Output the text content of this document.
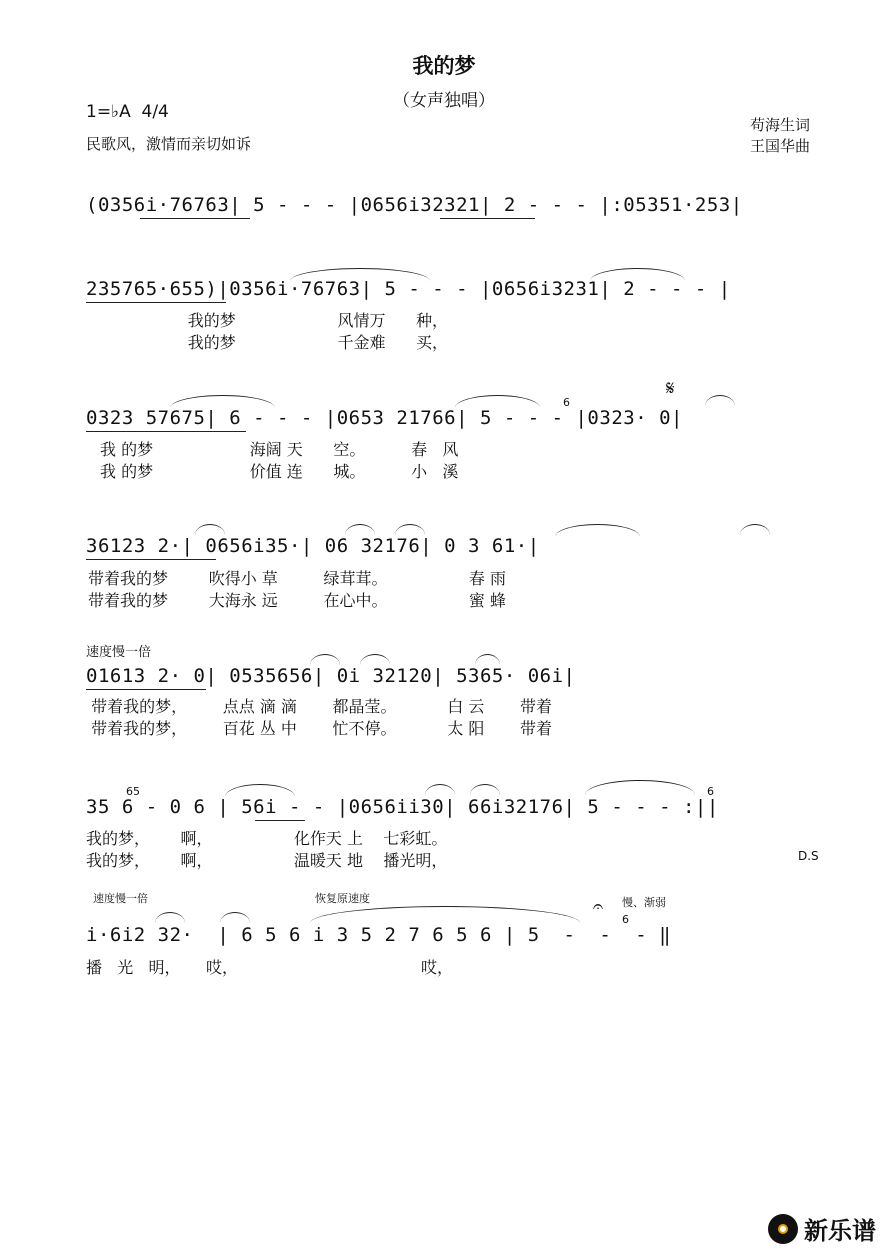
我的梦
（女声独唱）
1=♭A  4/4
民歌风，激情而亲切如诉
苟海生词
王国华曲
(0356i·76763| 5 - - - |0656i32321| 2 - - - |:05351·253|
235765·655)|0356i·76763| 5 - - - |0656i3231| 2 - - - |
我的梦                    风情万      种，
我的梦                    千金难      买，
𝄋
6
0323 57675| 6 - - - |0653 21766| 5 - - - |0323· 0|
我 的梦                   海阔 天      空。         春   风
我 的梦                   价值 连      城。         小   溪
36123 2·| 0656i35·| 06 32176| 0 3 61·|
带着我的梦        吹得小 草         绿茸茸。                春 雨
带着我的梦        大海永 远         在心中。                蜜 蜂
速度慢一倍
01613 2· 0| 0535656| 0i 32120| 5365· 06i|
带着我的梦，       点点 滴 滴       都晶莹。          白 云       带着
带着我的梦，       百花 丛 中       忙不停。          太 阳       带着
65	6
35 6 - 0 6 | 56i - - |0656ii30| 66i32176| 5 - - - :||
我的梦，      啊，                化作天 上    七彩虹。
我的梦，      啊，                温暖天 地    播光明，	D.S
速度慢一倍	恢复原速度	慢、渐弱
𝄐
6
i·6i2 32·  | 6 5 6 i 3 5 2 7 6 5 6 | 5  -  -  - ‖
播   光   明，     哎，                                    哎，
新乐谱
